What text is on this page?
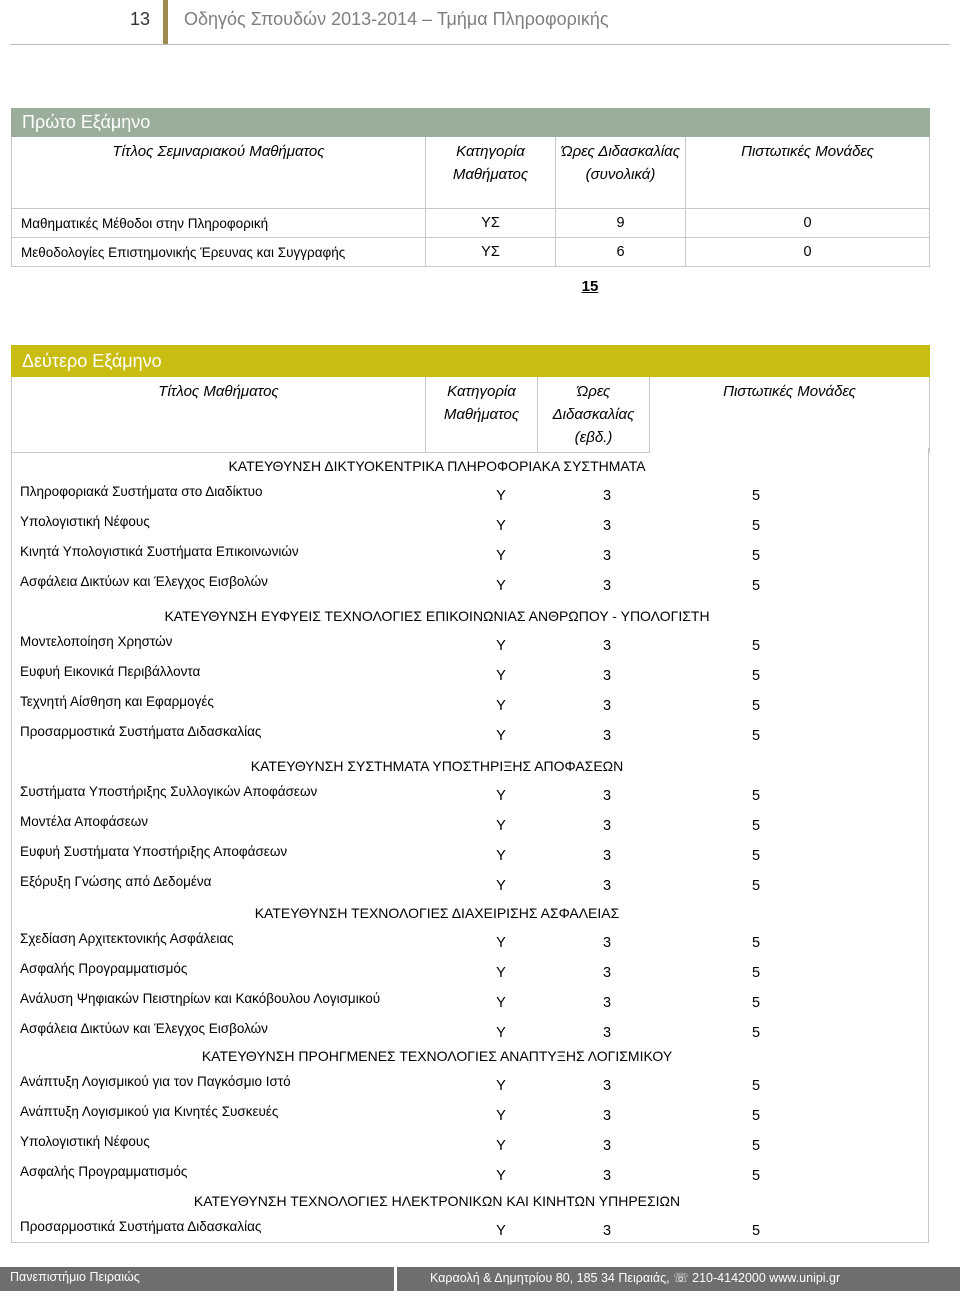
13	Οδηγός Σπουδών 2013-2014 – Τμήμα Πληροφορικής
Πρώτο Εξάμηνο			
Τίτλος Σεμιναριακού Μαθήματος	Κατηγορία Μαθήματος	Ώρες Διδασκαλίας (συνολικά)	Πιστωτικές Μονάδες
Μαθηματικές Μέθοδοι στην Πληροφορική	ΥΣ	9	0
Μεθοδολογίες Επιστημονικής Έρευνας και Συγγραφής	ΥΣ	6	0
15
Δεύτερο Εξάμηνο
Τίτλος Μαθήματος	Κατηγορία Μαθήματος	Ώρες Διδασκαλίας (εβδ.)	Πιστωτικές Μονάδες
ΚΑΤΕΥΘΥΝΣΗ ΔΙΚΤΥΟΚΕΝΤΡΙΚΑ ΠΛΗΡΟΦΟΡΙΑΚΑ ΣΥΣΤΗΜΑΤΑ
Πληροφοριακά Συστήματα στο Διαδίκτυο	Υ	3	5
Υπολογιστική Νέφους	Υ	3	5
Κινητά Υπολογιστικά Συστήματα Επικοινωνιών	Υ	3	5
Ασφάλεια Δικτύων και Έλεγχος Εισβολών	Υ	3	5
ΚΑΤΕΥΘΥΝΣΗ ΕΥΦΥΕΙΣ ΤΕΧΝΟΛΟΓΙΕΣ ΕΠΙΚΟΙΝΩΝΙΑΣ ΑΝΘΡΩΠΟΥ - ΥΠΟΛΟΓΙΣΤΗ
Μοντελοποίηση Χρηστών	Υ	3	5
Ευφυή Εικονικά Περιβάλλοντα	Υ	3	5
Τεχνητή Αίσθηση και Εφαρμογές	Υ	3	5
Προσαρμοστικά Συστήματα Διδασκαλίας	Υ	3	5
ΚΑΤΕΥΘΥΝΣΗ ΣΥΣΤΗΜΑΤΑ ΥΠΟΣΤΗΡΙΞΗΣ ΑΠΟΦΑΣΕΩΝ
Συστήματα Υποστήριξης Συλλογικών Αποφάσεων	Υ	3	5
Μοντέλα Αποφάσεων	Υ	3	5
Ευφυή Συστήματα Υποστήριξης Αποφάσεων	Υ	3	5
Εξόρυξη Γνώσης από Δεδομένα	Υ	3	5
ΚΑΤΕΥΘΥΝΣΗ ΤΕΧΝΟΛΟΓΙΕΣ ΔΙΑΧΕΙΡΙΣΗΣ ΑΣΦΑΛΕΙΑΣ
Σχεδίαση Αρχιτεκτονικής Ασφάλειας	Υ	3	5
Ασφαλής Προγραμματισμός	Υ	3	5
Ανάλυση Ψηφιακών Πειστηρίων και Κακόβουλου Λογισμικού	Υ	3	5
Ασφάλεια Δικτύων και Έλεγχος Εισβολών	Υ	3	5
ΚΑΤΕΥΘΥΝΣΗ ΠΡΟΗΓΜΕΝΕΣ ΤΕΧΝΟΛΟΓΙΕΣ ΑΝΑΠΤΥΞΗΣ ΛΟΓΙΣΜΙΚΟΥ
Ανάπτυξη Λογισμικού για τον Παγκόσμιο Ιστό	Υ	3	5
Ανάπτυξη Λογισμικού για Κινητές Συσκευές	Υ	3	5
Υπολογιστική Νέφους	Υ	3	5
Ασφαλής Προγραμματισμός	Υ	3	5
ΚΑΤΕΥΘΥΝΣΗ ΤΕΧΝΟΛΟΓΙΕΣ ΗΛΕΚΤΡΟΝΙΚΩΝ ΚΑΙ ΚΙΝΗΤΩΝ ΥΠΗΡΕΣΙΩΝ
Προσαρμοστικά Συστήματα Διδασκαλίας	Υ	3	5
Πανεπιστήμιο Πειραιώς	Καραολή & Δημητρίου 80, 185 34 Πειραιάς, ☏ 210-4142000 www.unipi.gr
